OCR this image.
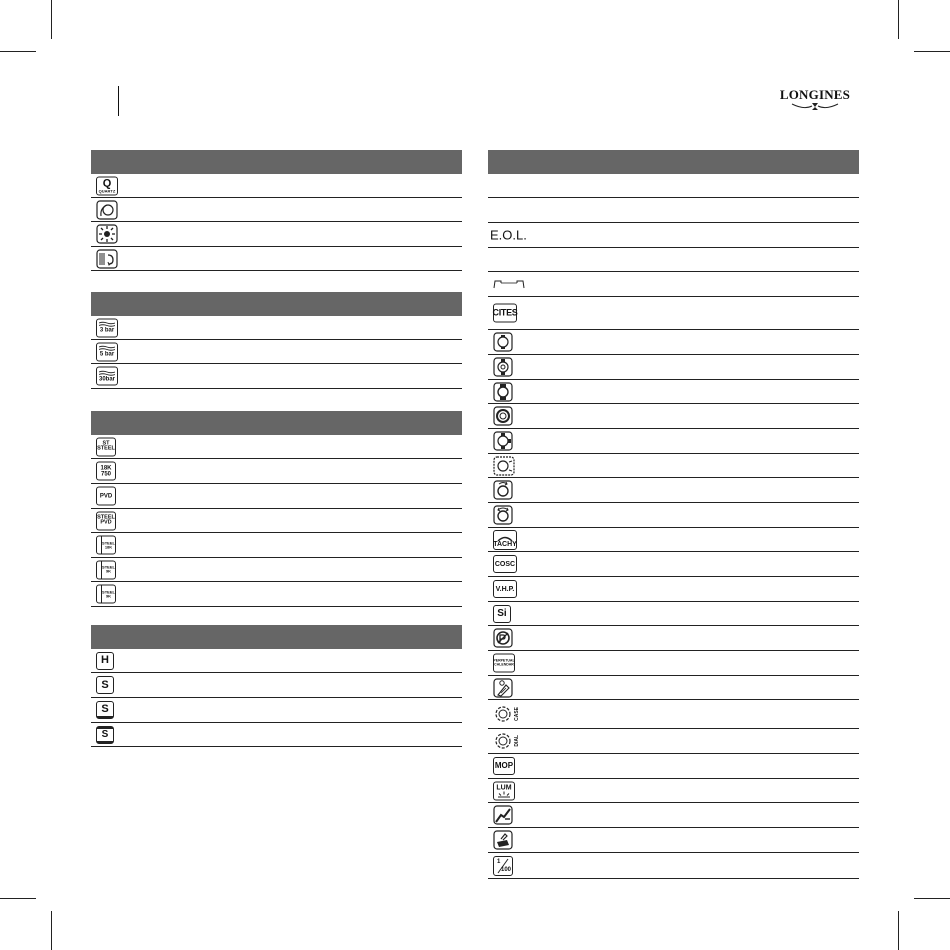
LONGINES
Q
QUARTZ
3 bar
5 bar
30bar
ST
STEEL
18K
750
PVD
STEEL
PVD
STEEL
18K
STEEL
9K
STEEL
9K
H
S
S
S
E.O.L.
CITES
TACHY
COSC
V.H.P.
Si
PERPETUAL
CALENDAR
CASE
DIAL
MOP
LUM
1
100
